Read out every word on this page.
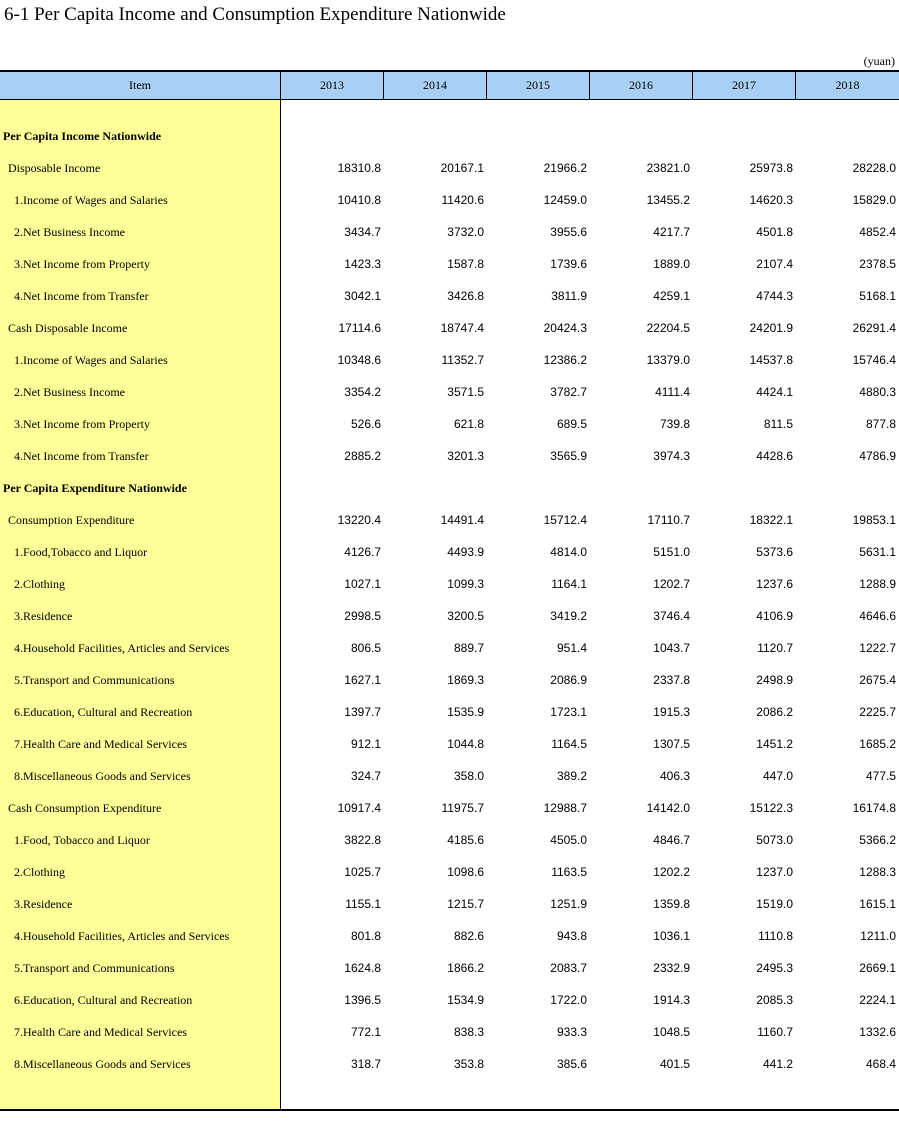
6-1 Per Capita Income and Consumption Expenditure Nationwide
(yuan)
Item	2013	2014	2015	2016	2017	2018
Per Capita Income Nationwide
Disposable Income	18310.8	20167.1	21966.2	23821.0	25973.8	28228.0
1.Income of Wages and Salaries	10410.8	11420.6	12459.0	13455.2	14620.3	15829.0
2.Net Business Income	3434.7	3732.0	3955.6	4217.7	4501.8	4852.4
3.Net Income from Property	1423.3	1587.8	1739.6	1889.0	2107.4	2378.5
4.Net Income from Transfer	3042.1	3426.8	3811.9	4259.1	4744.3	5168.1
Cash Disposable Income	17114.6	18747.4	20424.3	22204.5	24201.9	26291.4
1.Income of Wages and Salaries	10348.6	11352.7	12386.2	13379.0	14537.8	15746.4
2.Net Business Income	3354.2	3571.5	3782.7	4111.4	4424.1	4880.3
3.Net Income from Property	526.6	621.8	689.5	739.8	811.5	877.8
4.Net Income from Transfer	2885.2	3201.3	3565.9	3974.3	4428.6	4786.9
Per Capita Expenditure Nationwide
Consumption Expenditure	13220.4	14491.4	15712.4	17110.7	18322.1	19853.1
1.Food,Tobacco and Liquor	4126.7	4493.9	4814.0	5151.0	5373.6	5631.1
2.Clothing	1027.1	1099.3	1164.1	1202.7	1237.6	1288.9
3.Residence	2998.5	3200.5	3419.2	3746.4	4106.9	4646.6
4.Household Facilities, Articles and Services	806.5	889.7	951.4	1043.7	1120.7	1222.7
5.Transport and Communications	1627.1	1869.3	2086.9	2337.8	2498.9	2675.4
6.Education, Cultural and Recreation	1397.7	1535.9	1723.1	1915.3	2086.2	2225.7
7.Health Care and Medical Services	912.1	1044.8	1164.5	1307.5	1451.2	1685.2
8.Miscellaneous Goods and Services	324.7	358.0	389.2	406.3	447.0	477.5
Cash Consumption Expenditure	10917.4	11975.7	12988.7	14142.0	15122.3	16174.8
1.Food, Tobacco and Liquor	3822.8	4185.6	4505.0	4846.7	5073.0	5366.2
2.Clothing	1025.7	1098.6	1163.5	1202.2	1237.0	1288.3
3.Residence	1155.1	1215.7	1251.9	1359.8	1519.0	1615.1
4.Household Facilities, Articles and Services	801.8	882.6	943.8	1036.1	1110.8	1211.0
5.Transport and Communications	1624.8	1866.2	2083.7	2332.9	2495.3	2669.1
6.Education, Cultural and Recreation	1396.5	1534.9	1722.0	1914.3	2085.3	2224.1
7.Health Care and Medical Services	772.1	838.3	933.3	1048.5	1160.7	1332.6
8.Miscellaneous Goods and Services	318.7	353.8	385.6	401.5	441.2	468.4
